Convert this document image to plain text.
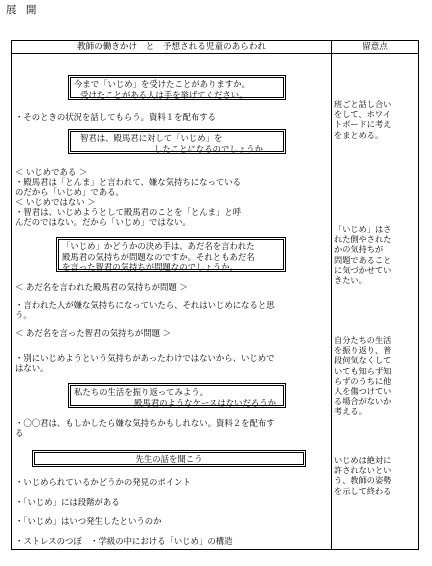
展 開
教師の働きかけ　と　予想される児童のあらわれ	留意点
今まで「いじめ」を受けたことがありますか。
受けたことがある人は手を挙げてください。
・そのときの状況を話してもらう。資料１を配布する
智君は、殿馬君に対して「いじめ」を
したことになるのでしょうか
＜ いじめである ＞
・殿馬君は「とんま」と言われて、嫌な気持ちになっている
のだから「いじめ」である。
＜ いじめではない ＞
・智君は、いじめようとして殿馬君のことを「とんま」と呼
んだのではない。だから「いじめ」ではない。
「いじめ」かどうかの決め手は、あだ名を言われた
殿馬君の気持ちが問題なのですか。それともあだ名
を言った智君の気持ちが問題なのでしょうか。
＜ あだ名を言われた殿馬君の気持ちが問題 ＞
・言われた人が嫌な気持ちになっていたら、それはいじめになると思
う。
＜ あだ名を言った智君の気持ちが問題 ＞
・別にいじめようという気持ちがあったわけではないから、いじめで
はない。
私たちの生活を振り返ってみよう。
殿馬君のようなケースはないだろうか
・〇〇君は、もしかしたら嫌な気持ちかもしれない。資料２を配布す
る
先生の話を聞こう
・いじめられているかどうかの発見のポイント
・「いじめ」には段階がある
・「いじめ」はいつ発生したというのか
・ストレスのつぼ　・学級の中における「いじめ」の構造
班ごと話し合い
をして、ホワイ
トボードに考え
をまとめる。
「いじめ」はさ
れた側やされた
かの気持ちが
問題であること
に気づかせてい
きたい。
自分たちの生活
を振り返り、普
段何気なくして
いても知らず知
らずのうちに他
人を傷つけてい
る場合がないか
考える。
いじめは絶対に
許されないとい
う、教師の姿勢
を示して終わる
